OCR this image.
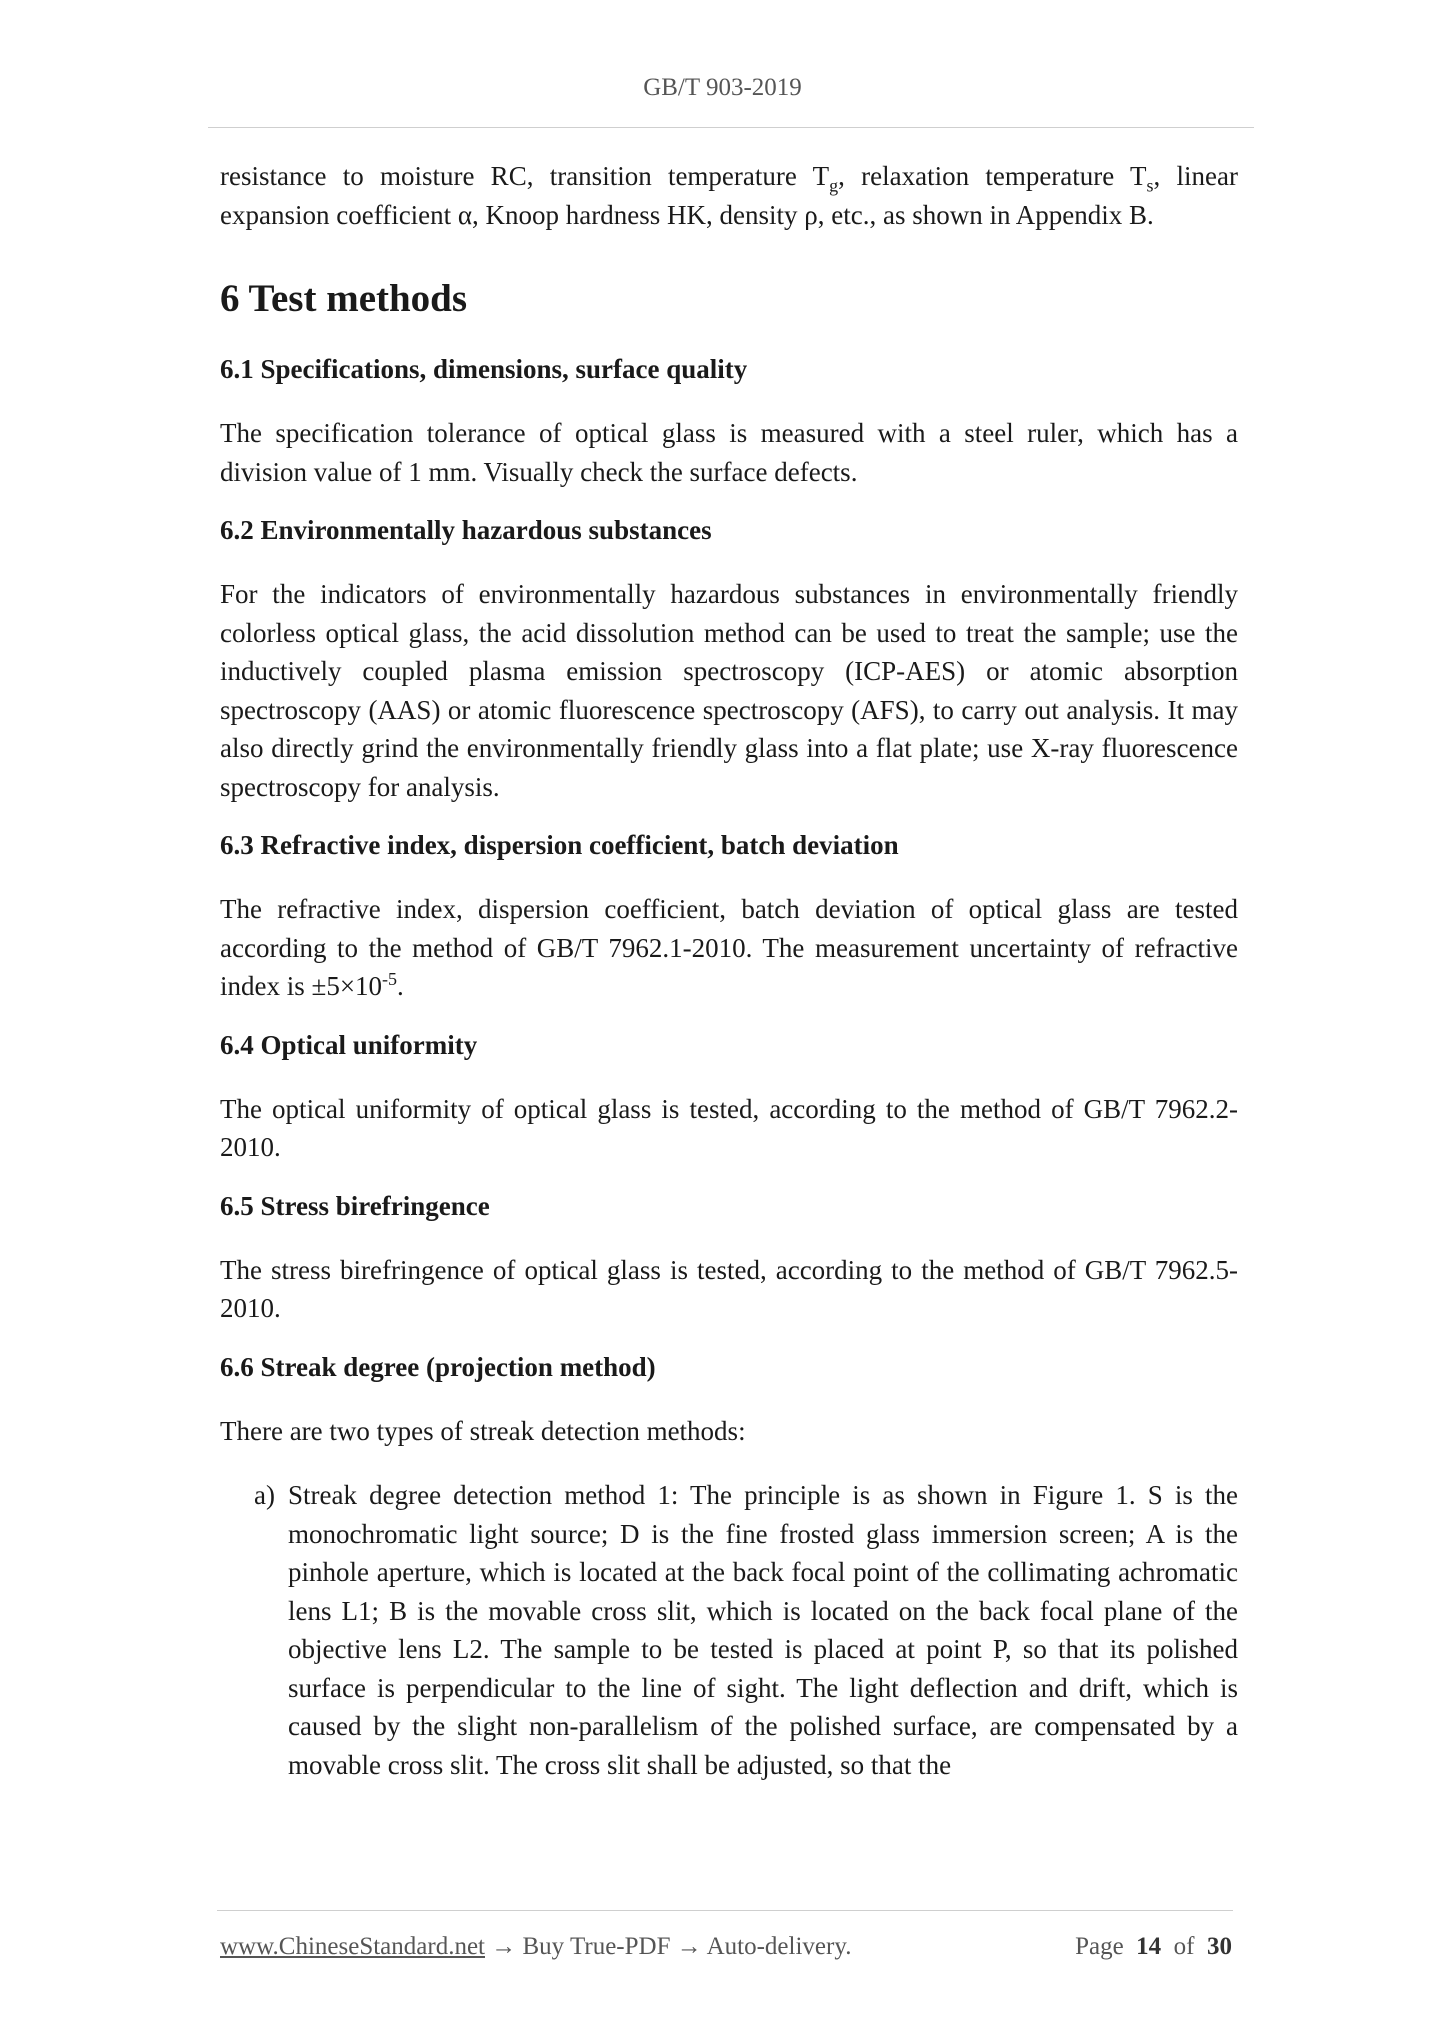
GB/T 903-2019

resistance to moisture RC, transition temperature $T_g$, relaxation temperature $T_s$, linear expansion coefficient α, Knoop hardness HK, density ρ, etc., as shown in Appendix B.

6 Test methods
6.1 Specifications, dimensions, surface quality

The specification tolerance of optical glass is measured with a steel ruler, which has a division value of 1 mm. Visually check the surface defects.

6.2 Environmentally hazardous substances

For the indicators of environmentally hazardous substances in environmentally friendly colorless optical glass, the acid dissolution method can be used to treat the sample; use the inductively coupled plasma emission spectroscopy (ICP-AES) or atomic absorption spectroscopy (AAS) or atomic fluorescence spectroscopy (AFS), to carry out analysis. It may also directly grind the environmentally friendly glass into a flat plate; use X-ray fluorescence spectroscopy for analysis.

6.3 Refractive index, dispersion coefficient, batch deviation

The refractive index, dispersion coefficient, batch deviation of optical glass are tested according to the method of GB/T 7962.1-2010. The measurement uncertainty of refractive index is $\pm 5\times 10^{-5}$.

6.4 Optical uniformity

The optical uniformity of optical glass is tested, according to the method of GB/T 7962.2-2010.

6.5 Stress birefringence

The stress birefringence of optical glass is tested, according to the method of GB/T 7962.5-2010.

6.6 Streak degree (projection method)

There are two types of streak detection methods:

a) Streak degree detection method 1: The principle is as shown in Figure 1. S is the monochromatic light source; D is the fine frosted glass immersion screen; A is the pinhole aperture, which is located at the back focal point of the collimating achromatic lens L1; B is the movable cross slit, which is located on the back focal plane of the objective lens L2. The sample to be tested is placed at point P, so that its polished surface is perpendicular to the line of sight. The light deflection and drift, which is caused by the slight non-parallelism of the polished surface, are compensated by a movable cross slit. The cross slit shall be adjusted, so that the

www.ChineseStandard.net → Buy True-PDF → Auto-delivery.	Page 14 of 30
